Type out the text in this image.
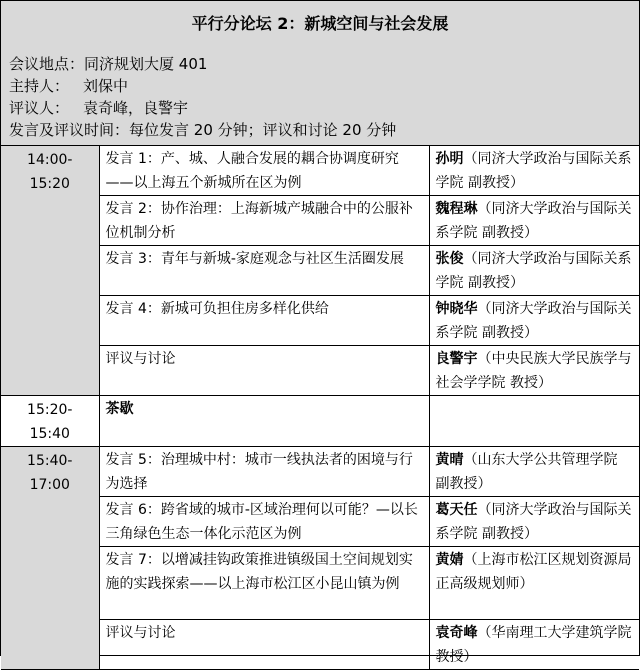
平行分论坛 2：新城空间与社会发展
会议地点：同济规划大厦 401
主持人： 刘保中
评议人： 袁奇峰，良警宇
发言及评议时间：每位发言 20 分钟；评议和讨论 20 分钟
14:00-
15:20	发言 1：产、城、人融合发展的耦合协调度研究——以上海五个新城所在区为例	孙明（同济大学政治与国际关系学院 副教授）
	发言 2：协作治理：上海新城产城融合中的公服补位机制分析	魏程琳（同济大学政治与国际关系学院 副教授）
	发言 3：青年与新城-家庭观念与社区生活圈发展	张俊（同济大学政治与国际关系学院 副教授）
	发言 4：新城可负担住房多样化供给	钟晓华（同济大学政治与国际关系学院 副教授）
	评议与讨论	良警宇（中央民族大学民族学与社会学学院 教授）

15:20-
15:40	茶歇	

15:40-
17:00	发言 5：治理城中村：城市一线执法者的困境与行为选择	黄晴（山东大学公共管理学院 副教授）
	发言 6：跨省域的城市-区域治理何以可能？—以长三角绿色生态一体化示范区为例	葛天任（同济大学政治与国际关系学院 副教授）
	发言 7：以增减挂钩政策推进镇级国土空间规划实施的实践探索——以上海市松江区小昆山镇为例	黄婧（上海市松江区规划资源局 正高级规划师）
	评议与讨论	袁奇峰（华南理工大学建筑学院 教授）
